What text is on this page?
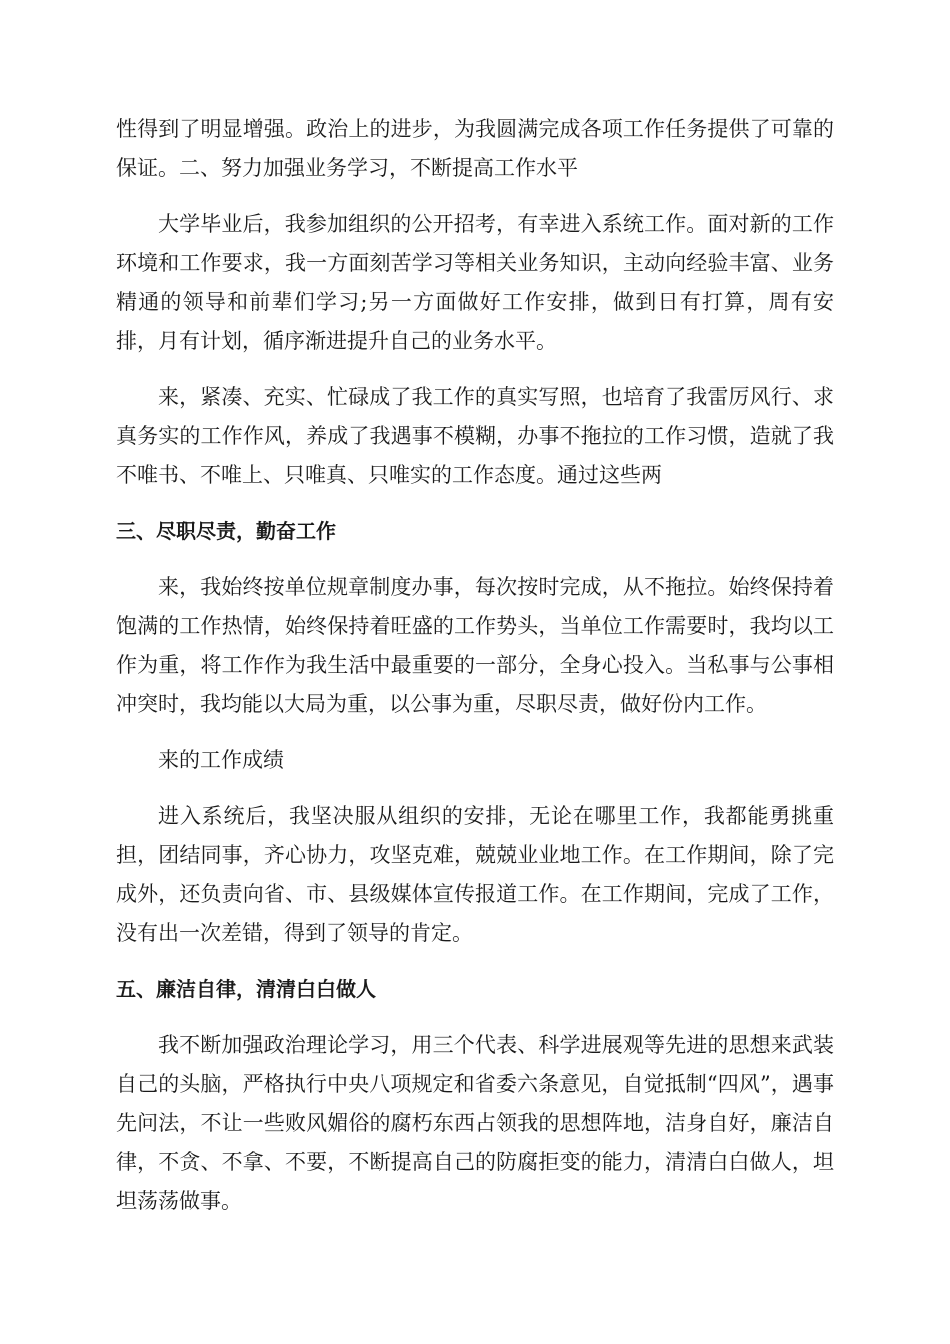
性得到了明显增强。政治上的进步，为我圆满完成各项工作任务提供了可靠的保证。二、努力加强业务学习，不断提高工作水平

大学毕业后，我参加组织的公开招考，有幸进入系统工作。面对新的工作环境和工作要求，我一方面刻苦学习等相关业务知识，主动向经验丰富、业务精通的领导和前辈们学习;另一方面做好工作安排，做到日有打算，周有安排，月有计划，循序渐进提升自己的业务水平。

来，紧凑、充实、忙碌成了我工作的真实写照，也培育了我雷厉风行、求真务实的工作作风，养成了我遇事不模糊，办事不拖拉的工作习惯，造就了我不唯书、不唯上、只唯真、只唯实的工作态度。通过这些两

三、尽职尽责，勤奋工作

来，我始终按单位规章制度办事，每次按时完成，从不拖拉。始终保持着饱满的工作热情，始终保持着旺盛的工作势头，当单位工作需要时，我均以工作为重，将工作作为我生活中最重要的一部分，全身心投入。当私事与公事相冲突时，我均能以大局为重，以公事为重，尽职尽责，做好份内工作。

来的工作成绩

进入系统后，我坚决服从组织的安排，无论在哪里工作，我都能勇挑重担，团结同事，齐心协力，攻坚克难，兢兢业业地工作。在工作期间，除了完成外，还负责向省、市、县级媒体宣传报道工作。在工作期间，完成了工作，没有出一次差错，得到了领导的肯定。

五、廉洁自律，清清白白做人

我不断加强政治理论学习，用三个代表、科学进展观等先进的思想来武装自己的头脑，严格执行中央八项规定和省委六条意见，自觉抵制“四风”，遇事先问法，不让一些败风媚俗的腐朽东西占领我的思想阵地，洁身自好，廉洁自律，不贪、不拿、不要，不断提高自己的防腐拒变的能力，清清白白做人，坦坦荡荡做事。
